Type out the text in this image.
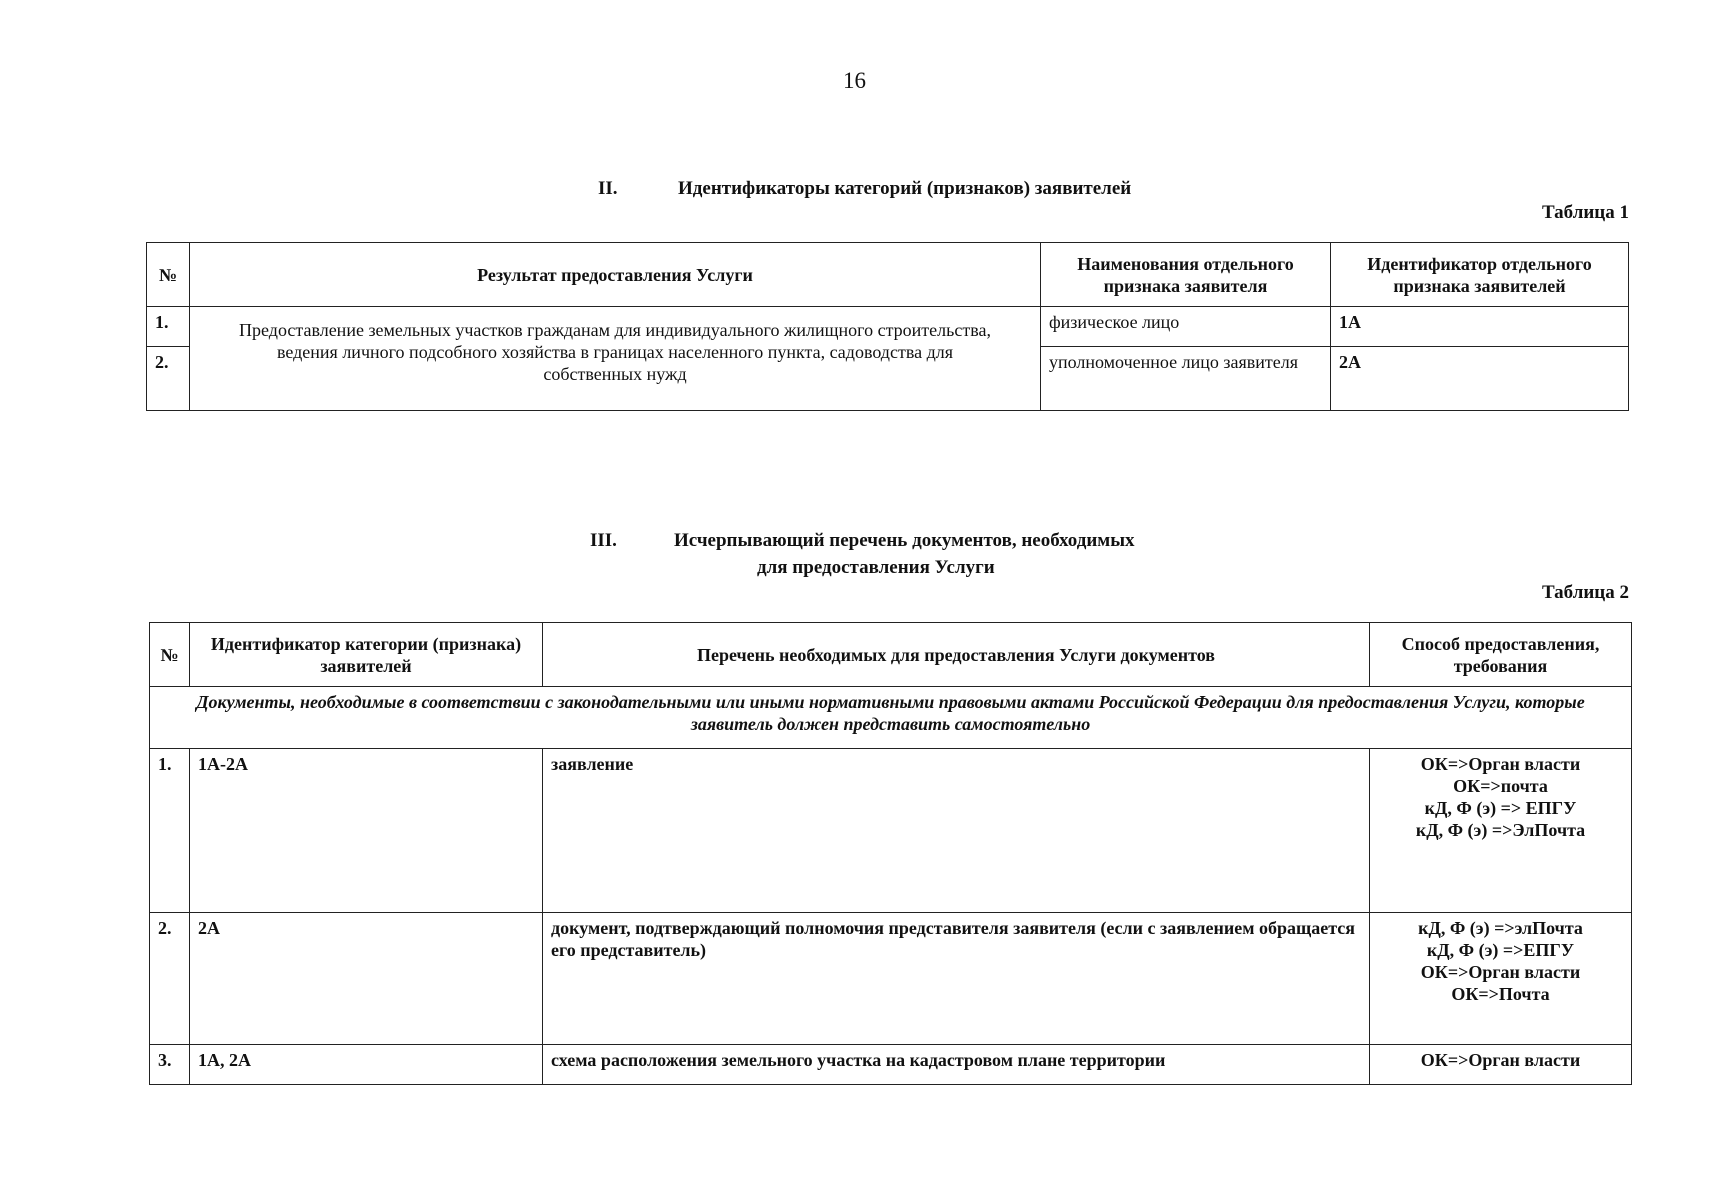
16
II.	Идентификаторы категорий (признаков) заявителей
Таблица 1
№	Результат предоставления Услуги	Наименования отдельного признака заявителя	Идентификатор отдельного признака заявителей
1.	Предоставление земельных участков гражданам для индивидуального жилищного строительства, ведения личного подсобного хозяйства в границах населенного пункта, садоводства для собственных нужд	физическое лицо	1А
2.		уполномоченное лицо заявителя	2А
III.	Исчерпывающий перечень документов, необходимых
для предоставления Услуги
Таблица 2
№	Идентификатор категории (признака) заявителей	Перечень необходимых для предоставления Услуги документов	Способ предоставления, требования
Документы, необходимые в соответствии с законодательными или иными нормативными правовыми актами Российской Федерации для предоставления Услуги, которые заявитель должен представить самостоятельно			
1.	1А-2А	заявление	ОК=>Орган власти
ОК=>почта
кД, Ф (э) => ЕПГУ
кД, Ф (э) =>ЭлПочта

2.	2А	документ, подтверждающий полномочия представителя заявителя (если с заявлением обращается его представитель)	кД, Ф (э) =>элПочта
кД, Ф (э) =>ЕПГУ
ОК=>Орган власти
ОК=>Почта

3.	1А, 2А	схема расположения земельного участка на кадастровом плане территории	ОК=>Орган власти
